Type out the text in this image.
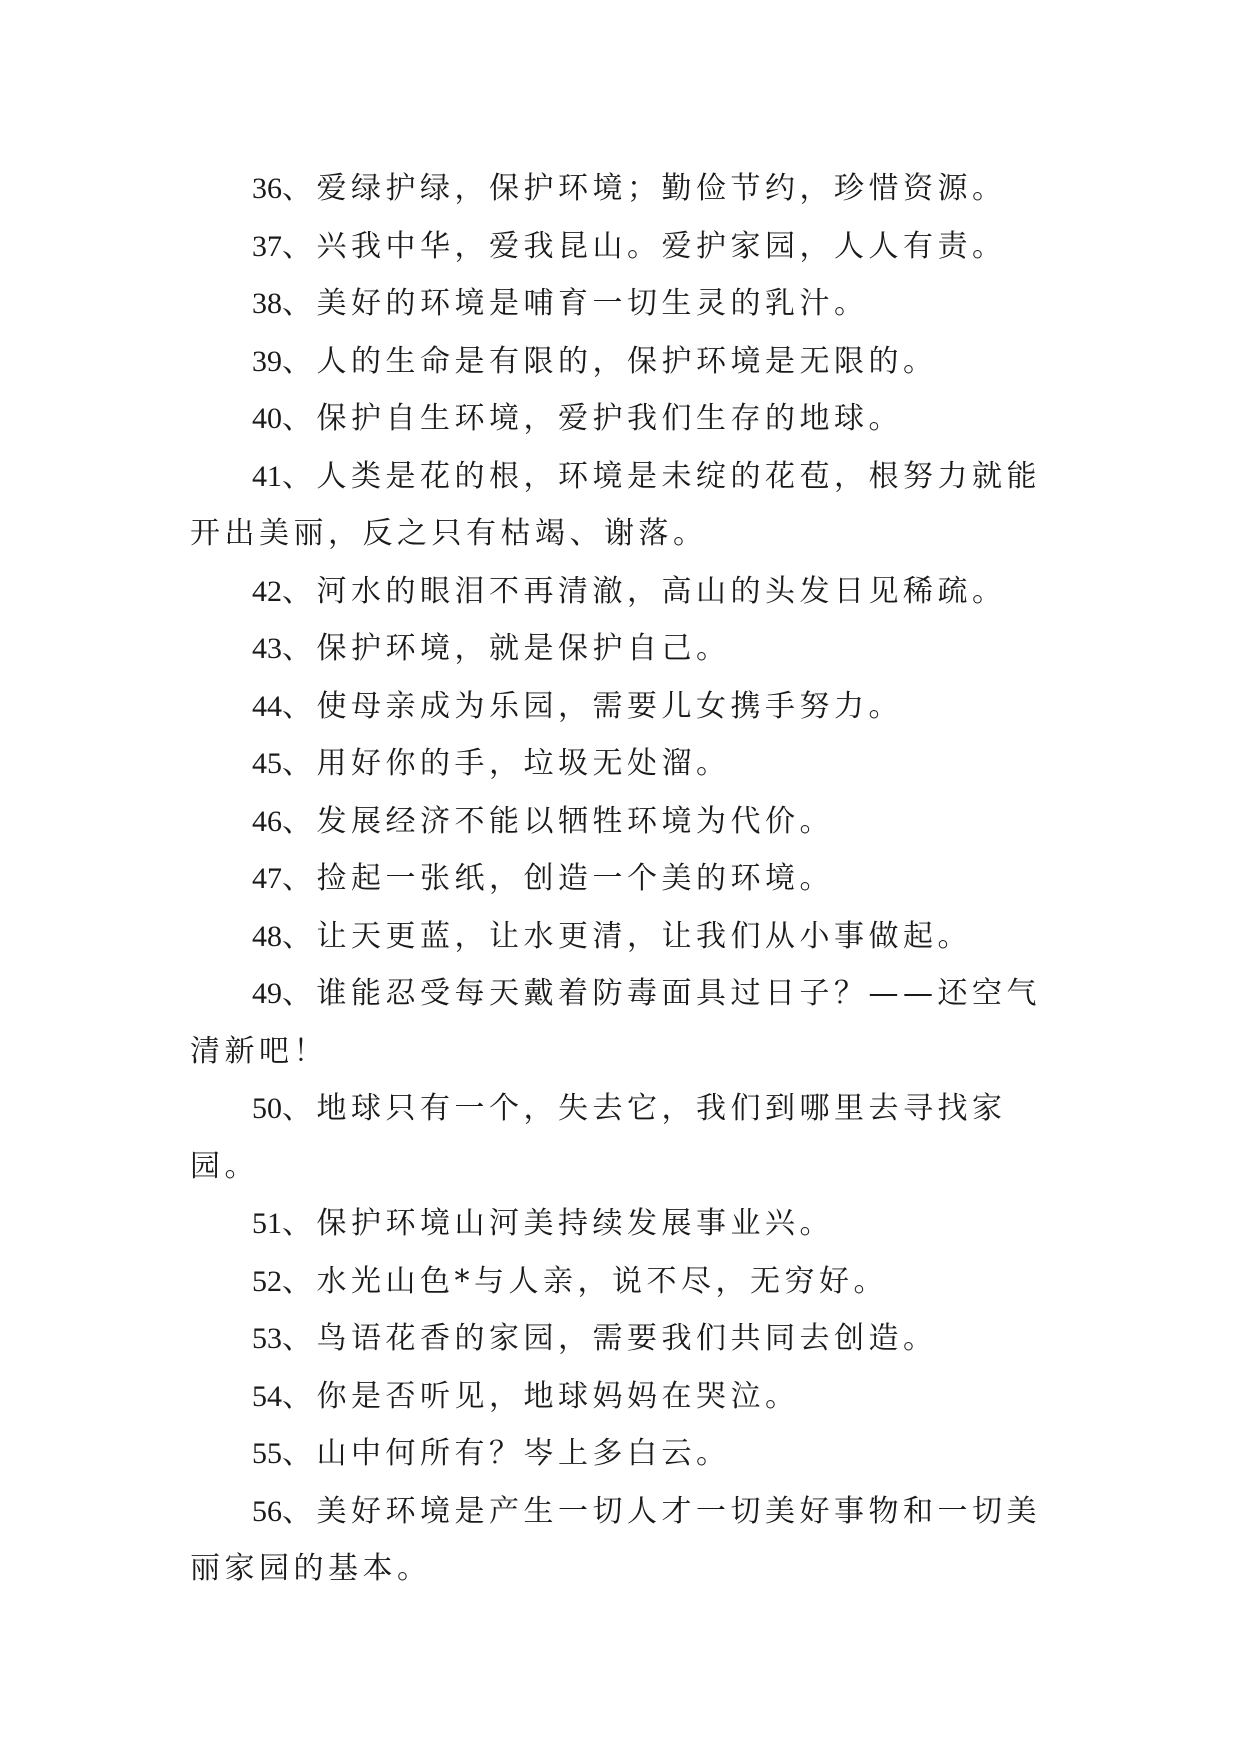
36、爱绿护绿，保护环境；勤俭节约，珍惜资源。

37、兴我中华，爱我昆山。爱护家园，人人有责。

38、美好的环境是哺育一切生灵的乳汁。

39、人的生命是有限的，保护环境是无限的。

40、保护自生环境，爱护我们生存的地球。

41、人类是花的根，环境是未绽的花苞，根努力就能开出美丽，反之只有枯竭、谢落。

42、河水的眼泪不再清澈，高山的头发日见稀疏。

43、保护环境，就是保护自己。

44、使母亲成为乐园，需要儿女携手努力。

45、用好你的手，垃圾无处溜。

46、发展经济不能以牺牲环境为代价。

47、捡起一张纸，创造一个美的环境。

48、让天更蓝，让水更清，让我们从小事做起。

49、谁能忍受每天戴着防毒面具过日子？——还空气清新吧！

50、地球只有一个，失去它，我们到哪里去寻找家园。

51、保护环境山河美持续发展事业兴。

52、水光山色*与人亲，说不尽，无穷好。

53、鸟语花香的家园，需要我们共同去创造。

54、你是否听见，地球妈妈在哭泣。

55、山中何所有？岑上多白云。

56、美好环境是产生一切人才一切美好事物和一切美丽家园的基本。
